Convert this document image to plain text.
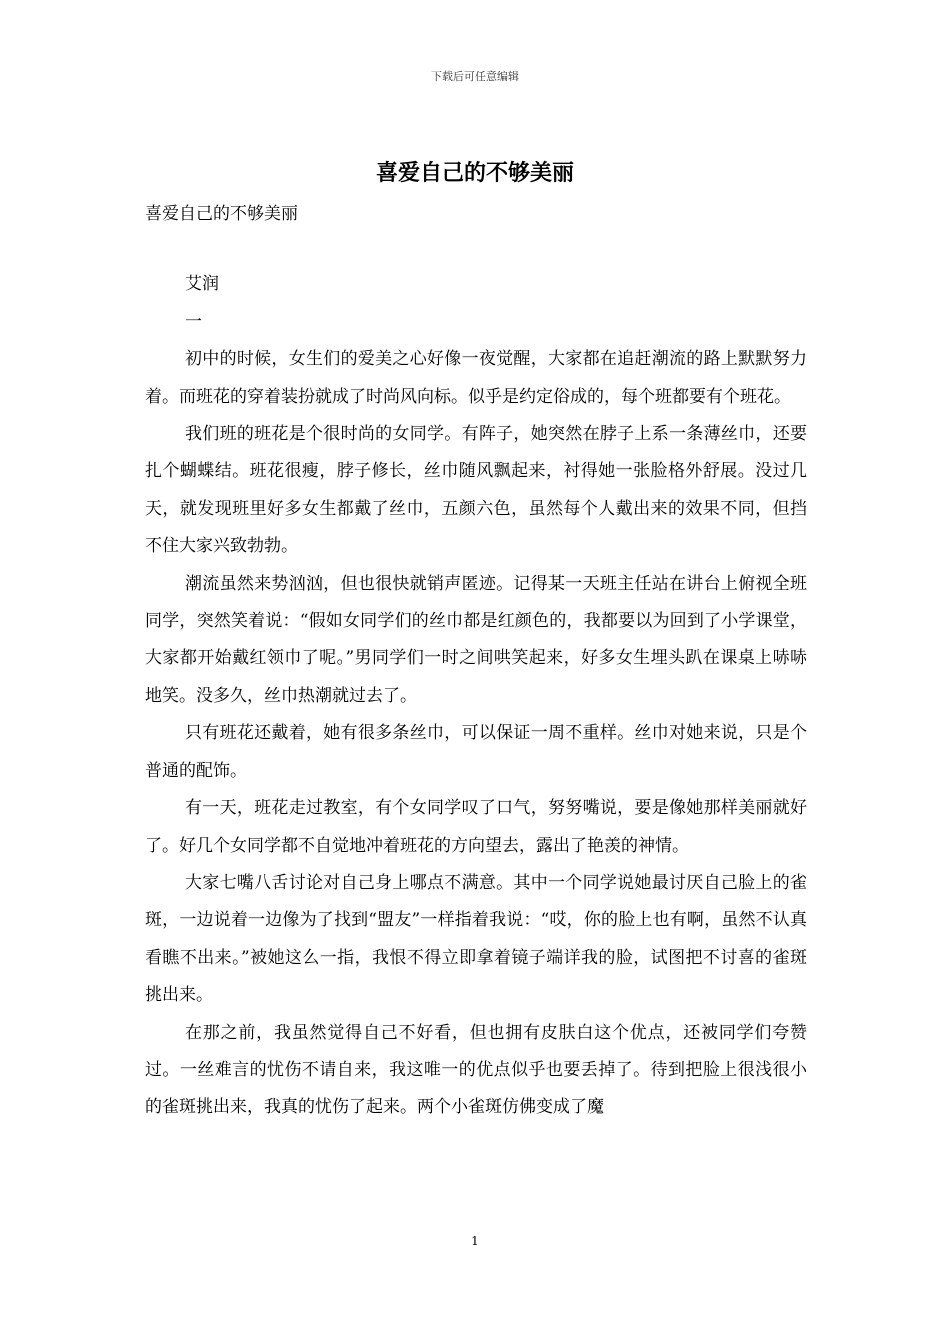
下载后可任意编辑
喜爱自己的不够美丽

喜爱自己的不够美丽

艾润

一

初中的时候，女生们的爱美之心好像一夜觉醒，大家都在追赶潮流的路上默默努力着。而班花的穿着装扮就成了时尚风向标。似乎是约定俗成的，每个班都要有个班花。

我们班的班花是个很时尚的女同学。有阵子，她突然在脖子上系一条薄丝巾，还要扎个蝴蝶结。班花很瘦，脖子修长，丝巾随风飘起来，衬得她一张脸格外舒展。没过几天，就发现班里好多女生都戴了丝巾，五颜六色，虽然每个人戴出来的效果不同，但挡不住大家兴致勃勃。

潮流虽然来势汹汹，但也很快就销声匿迹。记得某一天班主任站在讲台上俯视全班同学，突然笑着说：“假如女同学们的丝巾都是红颜色的，我都要以为回到了小学课堂，大家都开始戴红领巾了呢。”男同学们一时之间哄笑起来，好多女生埋头趴在课桌上哧哧地笑。没多久，丝巾热潮就过去了。

只有班花还戴着，她有很多条丝巾，可以保证一周不重样。丝巾对她来说，只是个普通的配饰。

有一天，班花走过教室，有个女同学叹了口气，努努嘴说，要是像她那样美丽就好了。好几个女同学都不自觉地冲着班花的方向望去，露出了艳羡的神情。

大家七嘴八舌讨论对自己身上哪点不满意。其中一个同学说她最讨厌自己脸上的雀斑，一边说着一边像为了找到“盟友”一样指着我说：“哎，你的脸上也有啊，虽然不认真看瞧不出来。”被她这么一指，我恨不得立即拿着镜子端详我的脸，试图把不讨喜的雀斑挑出来。

在那之前，我虽然觉得自己不好看，但也拥有皮肤白这个优点，还被同学们夸赞过。一丝难言的忧伤不请自来，我这唯一的优点似乎也要丢掉了。待到把脸上很浅很小的雀斑挑出来，我真的忧伤了起来。两个小雀斑仿佛变成了魔

1
